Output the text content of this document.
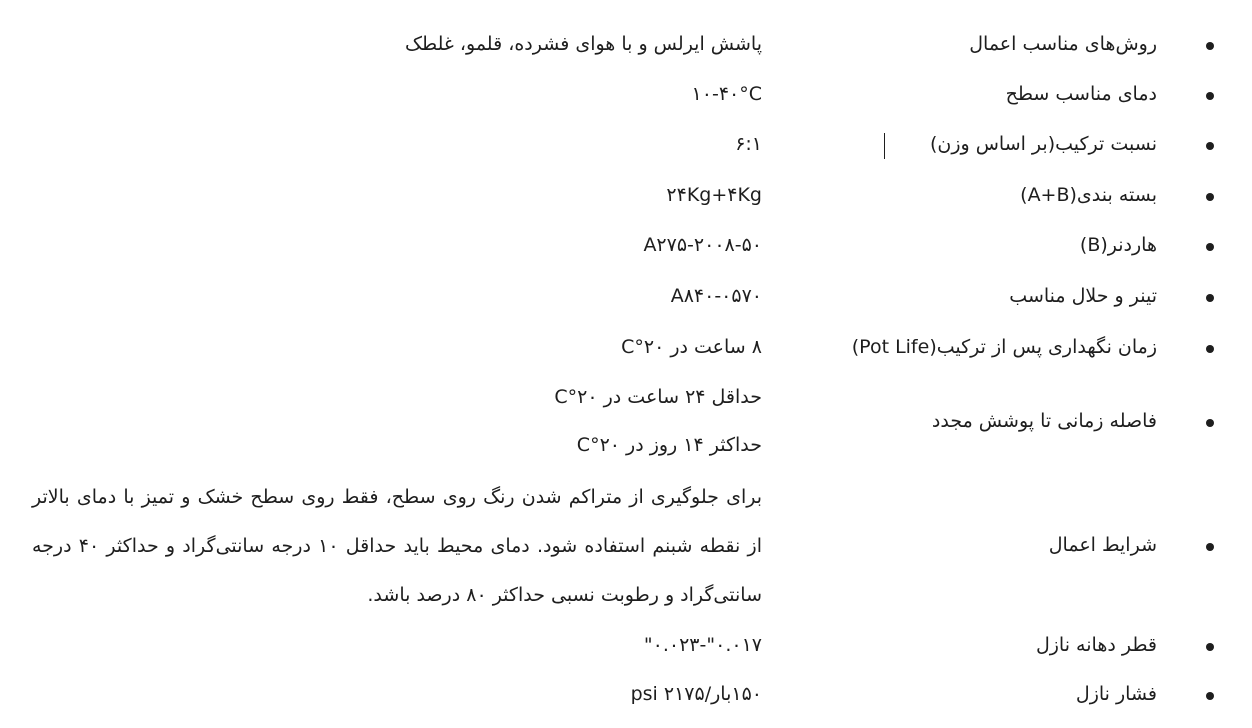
روش‌های مناسب اعمال
پاشش ایرلس و با هوای فشرده، قلمو، غلطک
دمای مناسب سطح
۱۰-۴۰°C
نسبت ترکیب(بر اساس وزن)
۶:۱
بسته بندی(A+B)
۲۴Kg+۴Kg
هاردنر(B)
A۲۷۵-۲۰۰۸-۵۰
تینر و حلال مناسب
A۸۴۰-۰۵۷۰
زمان نگهداری پس از ترکیب(Pot Life)
۸ ساعت در ۲۰°C
فاصله زمانی تا پوشش مجدد
حداقل ۲۴ ساعت در ۲۰°C
حداکثر ۱۴ روز در ۲۰°C
شرایط اعمال
برای جلوگیری از متراکم شدن رنگ روی سطح، فقط روی سطح خشک و تمیز با دمای بالاتر از نقطه شبنم استفاده شود. دمای محیط باید حداقل ۱۰ درجه سانتی‌گراد و حداکثر ۴۰ درجه سانتی‌گراد و رطوبت نسبی حداکثر ۸۰ درصد باشد.
قطر دهانه نازل
۰.۰۱۷"-۰.۰۲۳"
فشار نازل
۱۵۰بار/۲۱۷۵ psi
